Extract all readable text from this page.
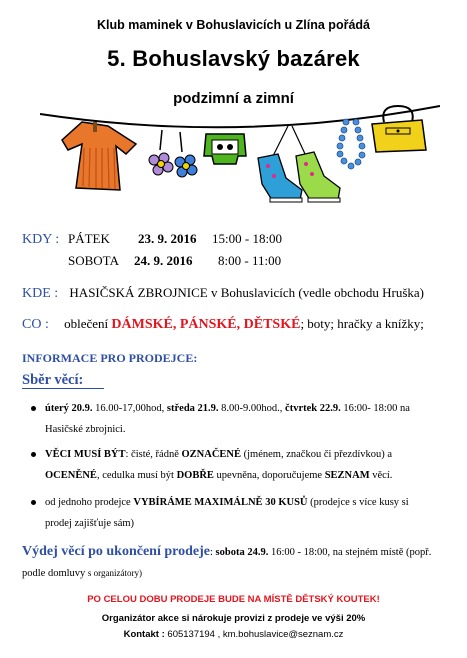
Klub maminek v Bohuslavicích u Zlína pořádá
5. Bohuslavský bazárek
podzimní a zimní
KDY : PÁTEK 23. 9. 2016 15:00 - 18:00
SOBOTA 24. 9. 2016 8:00 - 11:00
KDE : HASIČSKÁ ZBROJNICE v Bohuslavicích (vedle obchodu Hruška)
CO : oblečení DÁMSKÉ, PÁNSKÉ, DĚTSKÉ; boty; hračky a knížky;
INFORMACE PRO PRODEJCE:
Sběr věcí:
úterý 20.9. 16.00-17,00hod, středa 21.9. 8.00-9.00hod., čtvrtek 22.9. 16:00- 18:00 na
Hasičské zbrojnici.
VĚCI MUSÍ BÝT: čisté, řádně OZNAČENÉ (jménem, značkou či přezdívkou) a
OCENĚNÉ, cedulka musí být DOBŘE upevněna, doporučujeme SEZNAM věcí.
od jednoho prodejce VYBÍRÁME MAXIMÁLNĚ 30 KUSŮ (prodejce s více kusy si
prodej zajišťuje sám)
Výdej věcí po ukončení prodeje: sobota 24.9. 16:00 - 18:00, na stejném místě (popř.
podle domluvy s organizátory)
PO CELOU DOBU PRODEJE BUDE NA MÍSTĚ DĚTSKÝ KOUTEK!
Organizátor akce si nárokuje provizi z prodeje ve výši 20%
Kontakt : 605137194 , km.bohuslavice@seznam.cz
